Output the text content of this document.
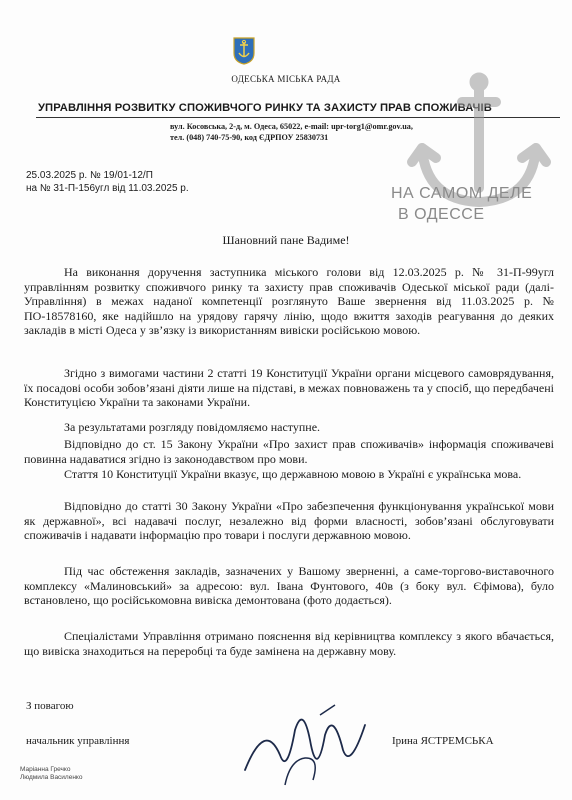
ОДЕСЬКА МІСЬКА РАДА
УПРАВЛІННЯ РОЗВИТКУ СПОЖИВЧОГО РИНКУ ТА ЗАХИСТУ ПРАВ СПОЖИВАЧІВ
вул. Косовська, 2-д, м. Одеса, 65022, e-mail: upr-torg1@omr.gov.ua,
тел. (048) 740-75-90, код ЄДРПОУ 25830731
25.03.2025 р. № 19/01-12/П
на № 31-П-156угл від 11.03.2025 р.	НА САМОМ ДЕЛЕ
В ОДЕССЕ
Шановний пане Вадиме!
На виконання доручення заступника міського голови від 12.03.2025 р. № 31-П-99угл управлінням розвитку споживчого ринку та захисту прав споживачів Одеської міської ради (далі-Управління) в межах наданої компетенції розглянуто Ваше звернення від 11.03.2025 р. № ПО-18578160, яке надійшло на урядову гарячу лінію, щодо вжиття заходів реагування до деяких закладів в місті Одеса у зв’язку із використанням вивіски російською мовою.
Згідно з вимогами частини 2 статті 19 Конституції України органи місцевого самоврядування, їх посадові особи зобов’язані діяти лише на підставі, в межах повноважень та у спосіб, що передбачені Конституцією України та законами України.
За результатами розгляду повідомляємо наступне.
Відповідно до ст. 15 Закону України «Про захист прав споживачів» інформація споживачеві повинна надаватися згідно із законодавством про мови.
Стаття 10 Конституції України вказує, що державною мовою в Україні є українська мова.
Відповідно до статті 30 Закону України «Про забезпечення функціонування української мови як державної», всі надавачі послуг, незалежно від форми власності, зобов’язані обслуговувати споживачів і надавати інформацію про товари і послуги державною мовою.
Під час обстеження закладів, зазначених у Вашому зверненні, а саме-торгово-виставочного комплексу «Малиновський» за адресою: вул. Івана Фунтового, 40в (з боку вул. Єфімова), було встановлено, що російськомовна вивіска демонтована (фото додається).
Спеціалістами Управління отримано пояснення від керівництва комплексу з якого вбачається, що вивіска знаходиться на переробці та буде замінена на державну мову.
З повагою
начальник управління	Ірина ЯСТРЕМСЬКА
Маріанна Гречко
Людмила Василенко
